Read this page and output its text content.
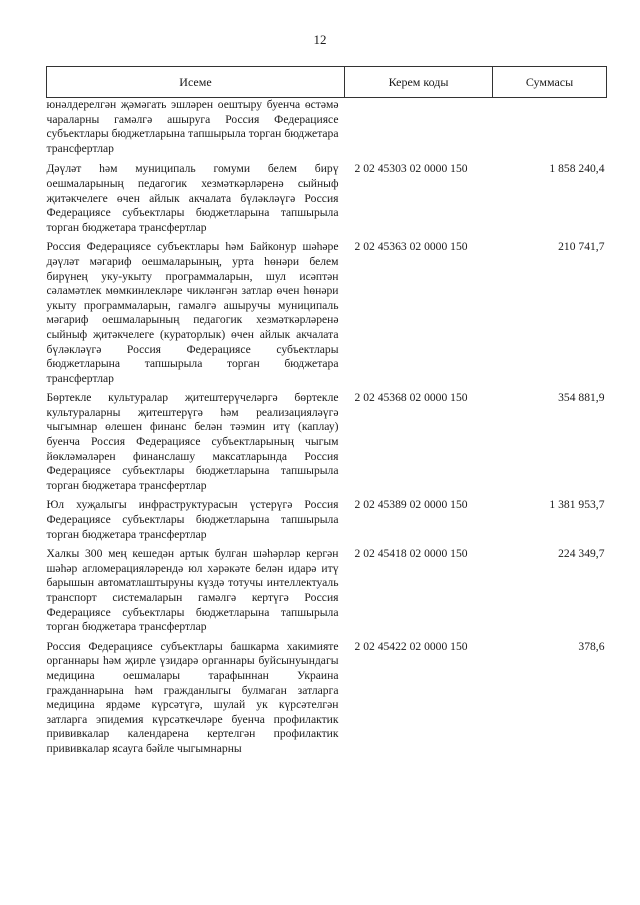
12
Исеме	Керем коды	Суммасы
юнәлдерелгән җәмәгать эшләрен оештыру буенча өстәмә чараларны гамәлгә ашыруга Россия Федерациясе субъектлары бюджетларына тапшырыла торган бюджетара трансфертлар		
Дәүләт һәм муниципаль гомуми белем бирү оешмаларының педагогик хезмәткәрләренә сыйныф җитәкчелеге өчен айлык акчалата бүләкләүгә Россия Федерациясе субъектлары бюджетларына тапшырыла торган бюджетара трансфертлар	2 02 45303 02 0000 150	1 858 240,4
Россия Федерациясе субъектлары һәм Байконур шәһәре дәүләт мәгариф оешмаларының, урта һөнәри белем бирүнең уку-укыту программаларын, шул исәптән сәламәтлек мөмкинлекләре чикләнгән затлар өчен һөнәри укыту программаларын, гамәлгә ашыручы муниципаль мәгариф оешмаларының педагогик хезмәткәрләренә сыйныф җитәкчелеге (кураторлык) өчен айлык акчалата бүләкләүгә Россия Федерациясе субъектлары бюджетларына тапшырыла торган бюджетара трансфертлар	2 02 45363 02 0000 150	210 741,7
Бөртекле культуралар җитештерүчеләргә бөртекле культураларны җитештерүгә һәм реализацияләүгә чыгымнар өлешен финанс белән тәэмин итү (каплау) буенча Россия Федерациясе субъектларының чыгым йөкләмәләрен финанслашу максатларында Россия Федерациясе субъектлары бюджетларына тапшырыла торган бюджетара трансфертлар	2 02 45368 02 0000 150	354 881,9
Юл хуҗалыгы инфраструктурасын үстерүгә Россия Федерациясе субъектлары бюджетларына тапшырыла торган бюджетара трансфертлар	2 02 45389 02 0000 150	1 381 953,7
Халкы 300 мең кешедән артык булган шәһәрләр кергән шәһәр агломерацияләрендә юл хәрәкәте белән идарә итү барышын автоматлаштыруны күздә тотучы интеллектуаль транспорт системаларын гамәлгә кертүгә Россия Федерациясе субъектлары бюджетларына тапшырыла торган бюджетара трансфертлар	2 02 45418 02 0000 150	224 349,7
Россия Федерациясе субъектлары башкарма хакимияте органнары һәм җирле үзидарә органнары буйсынуындагы медицина оешмалары тарафыннан Украина гражданнарына һәм гражданлыгы булмаган затларга медицина ярдәме күрсәтүгә, шулай ук күрсәтелгән затларга эпидемия күрсәткечләре буенча профилактик прививкалар календарена кертелгән профилактик прививкалар ясауга бәйле чыгымнарны	2 02 45422 02 0000 150	378,6
